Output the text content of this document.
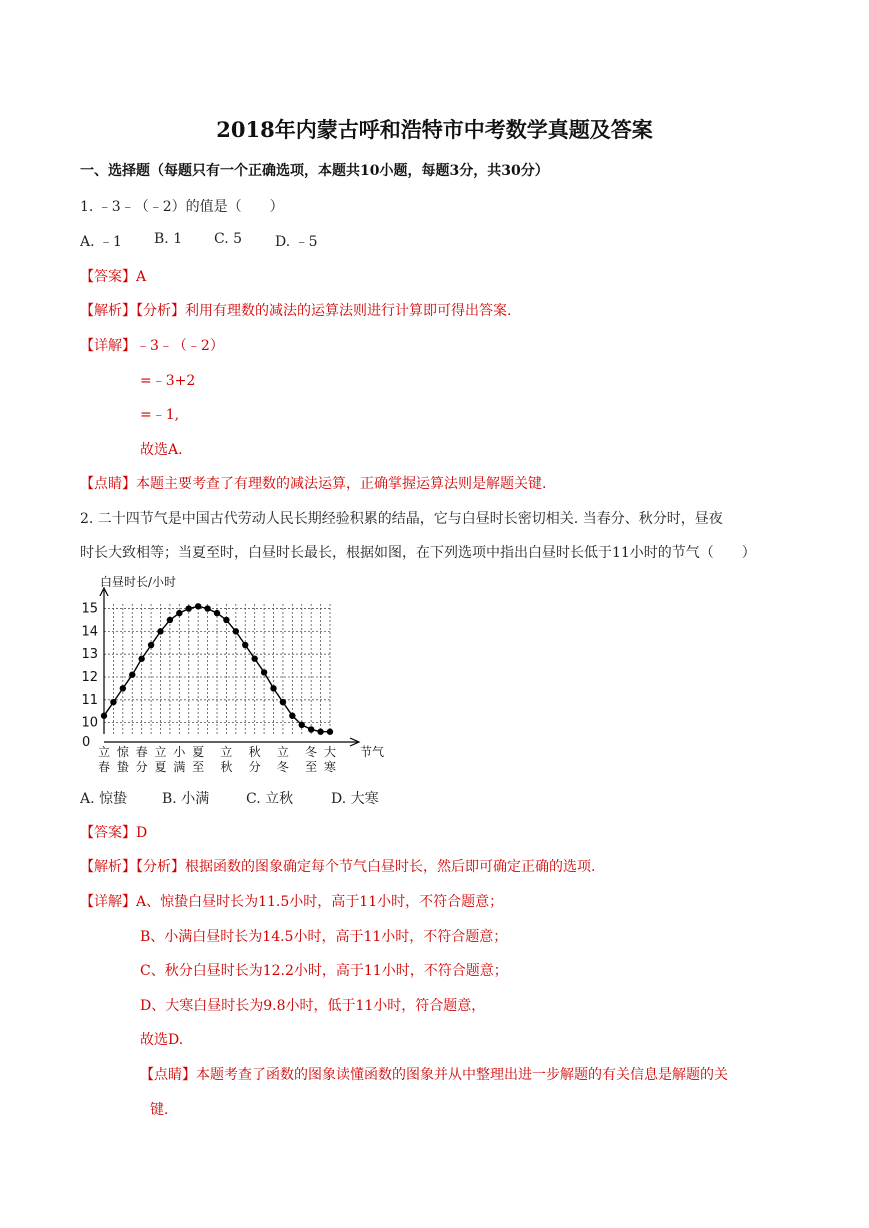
2018年内蒙古呼和浩特市中考数学真题及答案
一、选择题（每题只有一个正确选项，本题共10小题，每题3分，共30分）
1. ﹣3﹣（﹣2）的值是（　　）
A. ﹣1 B. 1 C. 5 D. ﹣5
【答案】A
【解析】【分析】利用有理数的减法的运算法则进行计算即可得出答案.
【详解】﹣3﹣（﹣2）
=﹣3+2
=﹣1,
故选A.
【点睛】本题主要考查了有理数的减法运算，正确掌握运算法则是解题关键.
2. 二十四节气是中国古代劳动人民长期经验积累的结晶，它与白昼时长密切相关. 当春分、秋分时，昼夜
时长大致相等；当夏至时，白昼时长最长，根据如图，在下列选项中指出白昼时长低于11小时的节气（　　）
15
14
13
12
11
10
0
白昼时长/小时
节气
立
春
惊
蛰
春
分
立
夏
小
满
夏
至
立
秋
秋
分
立
冬
冬
至
大
寒
A. 惊蛰 B. 小满	C. 立秋	D. 大寒
【答案】D
【解析】【分析】根据函数的图象确定每个节气白昼时长，然后即可确定正确的选项.
【详解】A、惊蛰白昼时长为11.5小时，高于11小时，不符合题意；
B、小满白昼时长为14.5小时，高于11小时，不符合题意；
C、秋分白昼时长为12.2小时，高于11小时，不符合题意；
D、大寒白昼时长为9.8小时，低于11小时，符合题意，
故选D.
【点睛】本题考查了函数的图象读懂函数的图象并从中整理出进一步解题的有关信息是解题的关
键.
